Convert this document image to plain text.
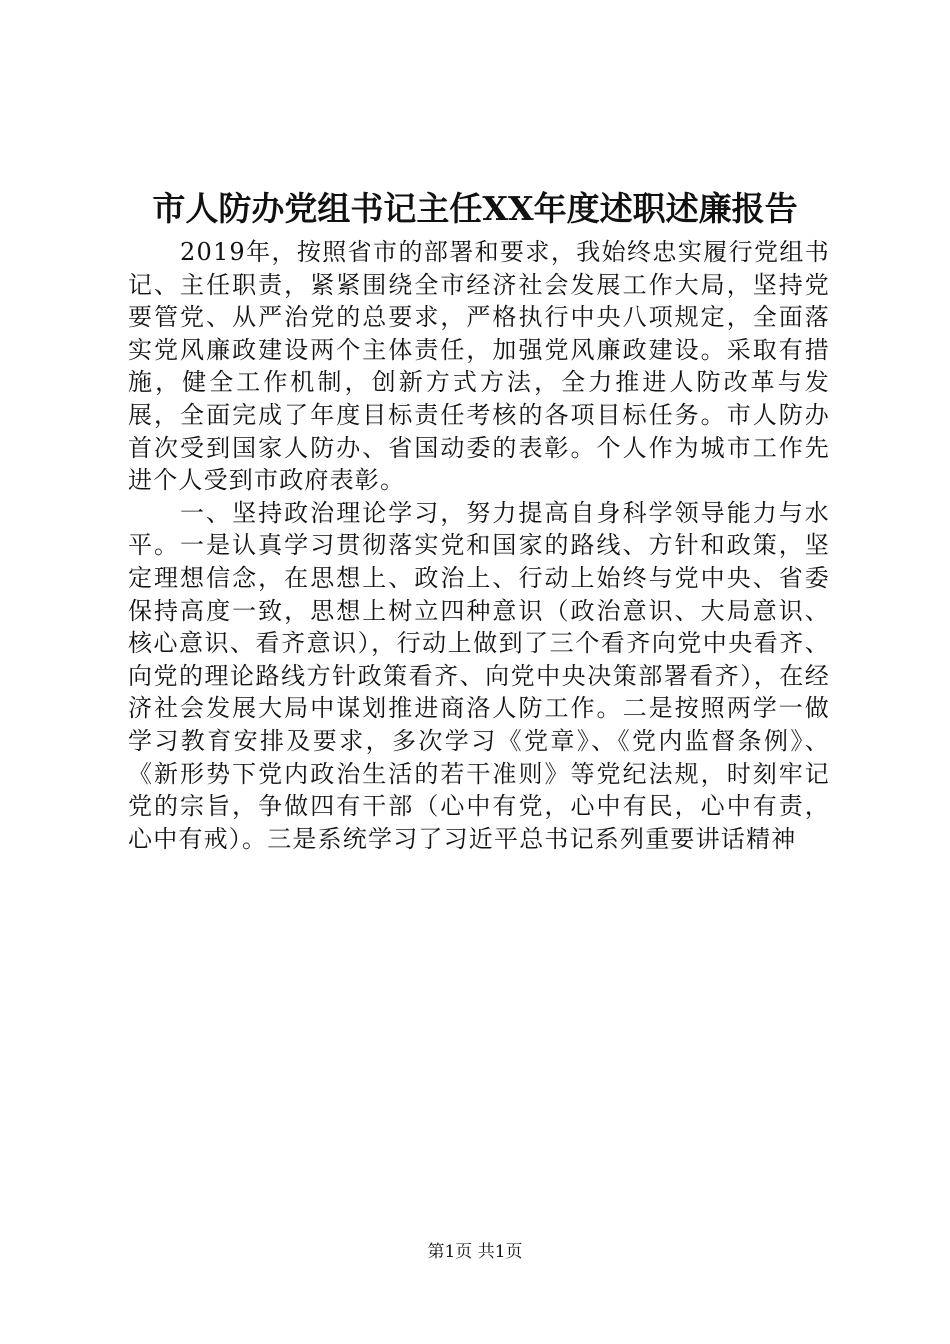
市人防办党组书记主任XX年度述职述廉报告

2019年，按照省市的部署和要求，我始终忠实履行党组书记、主任职责，紧紧围绕全市经济社会发展工作大局，坚持党要管党、从严治党的总要求，严格执行中央八项规定，全面落实党风廉政建设两个主体责任，加强党风廉政建设。采取有措施，健全工作机制，创新方式方法，全力推进人防改革与发展，全面完成了年度目标责任考核的各项目标任务。市人防办首次受到国家人防办、省国动委的表彰。个人作为城市工作先进个人受到市政府表彰。

一、坚持政治理论学习，努力提高自身科学领导能力与水平。一是认真学习贯彻落实党和国家的路线、方针和政策，坚定理想信念，在思想上、政治上、行动上始终与党中央、省委保持高度一致，思想上树立四种意识（政治意识、大局意识、核心意识、看齐意识），行动上做到了三个看齐向党中央看齐、向党的理论路线方针政策看齐、向党中央决策部署看齐），在经济社会发展大局中谋划推进商洛人防工作。二是按照两学一做学习教育安排及要求，多次学习《党章》、《党内监督条例》、《新形势下党内政治生活的若干准则》等党纪法规，时刻牢记党的宗旨，争做四有干部（心中有党，心中有民，心中有责，心中有戒）。三是系统学习了习近平总书记系列重要讲话精神

第1页 共1页
